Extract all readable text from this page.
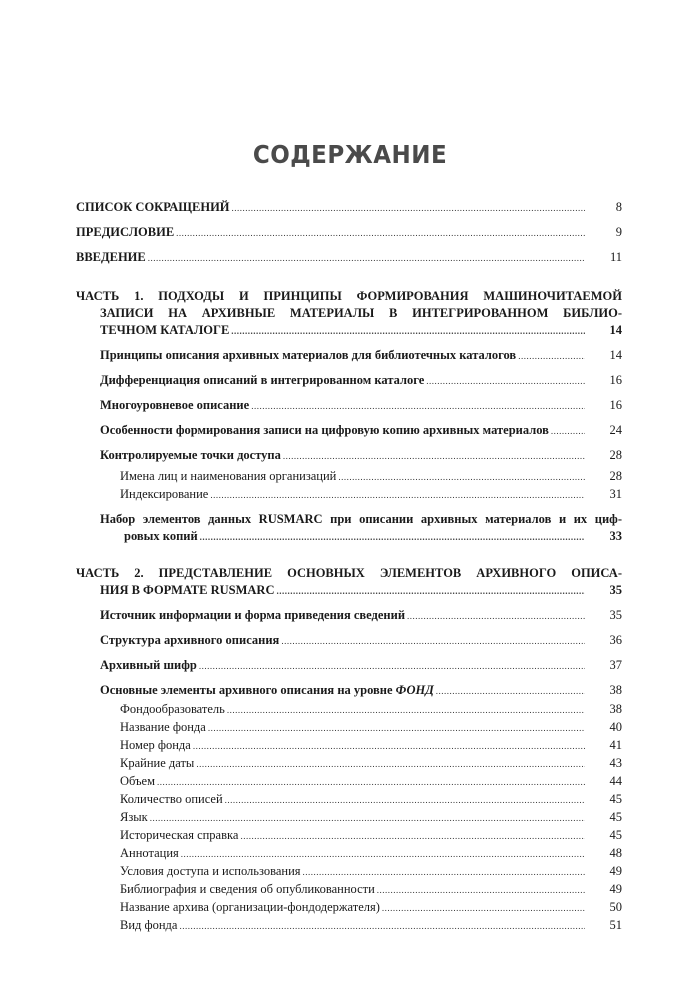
СОДЕРЖАНИЕ
СПИСОК СОКРАЩЕНИЙ .....	8
ПРЕДИСЛОВИЕ .....	9
ВВЕДЕНИЕ .....	11
ЧАСТЬ 1. ПОДХОДЫ И ПРИНЦИПЫ ФОРМИРОВАНИЯ МАШИНОЧИТАЕМОЙ
ЗАПИСИ НА АРХИВНЫЕ МАТЕРИАЛЫ В ИНТЕГРИРОВАННОМ БИБЛИО-
ТЕЧНОМ КАТАЛОГЕ .....	14
Принципы описания архивных материалов для библиотечных каталогов .....	14
Дифференциация описаний в интегрированном каталоге .....	16
Многоуровневое описание .....	16
Особенности формирования записи на цифровую копию архивных материалов .....	24
Контролируемые точки доступа .....	28
Имена лиц и наименования организаций .....	28
Индексирование .....	31
Набор элементов данных RUSMARC при описании архивных материалов и их циф-
ровых копий .....	33
ЧАСТЬ 2. ПРЕДСТАВЛЕНИЕ ОСНОВНЫХ ЭЛЕМЕНТОВ АРХИВНОГО ОПИСА-
НИЯ В ФОРМАТЕ RUSMARC .....	35
Источник информации и форма приведения сведений .....	35
Структура архивного описания .....	36
Архивный шифр .....	37
Основные элементы архивного описания на уровне ФОНД .....	38
Фондообразователь .....	38
Название фонда .....	40
Номер фонда .....	41
Крайние даты .....	43
Объем .....	44
Количество описей .....	45
Язык .....	45
Историческая справка .....	45
Аннотация .....	48
Условия доступа и использования .....	49
Библиография и сведения об опубликованности .....	49
Название архива (организации-фондодержателя) .....	50
Вид фонда .....	51
